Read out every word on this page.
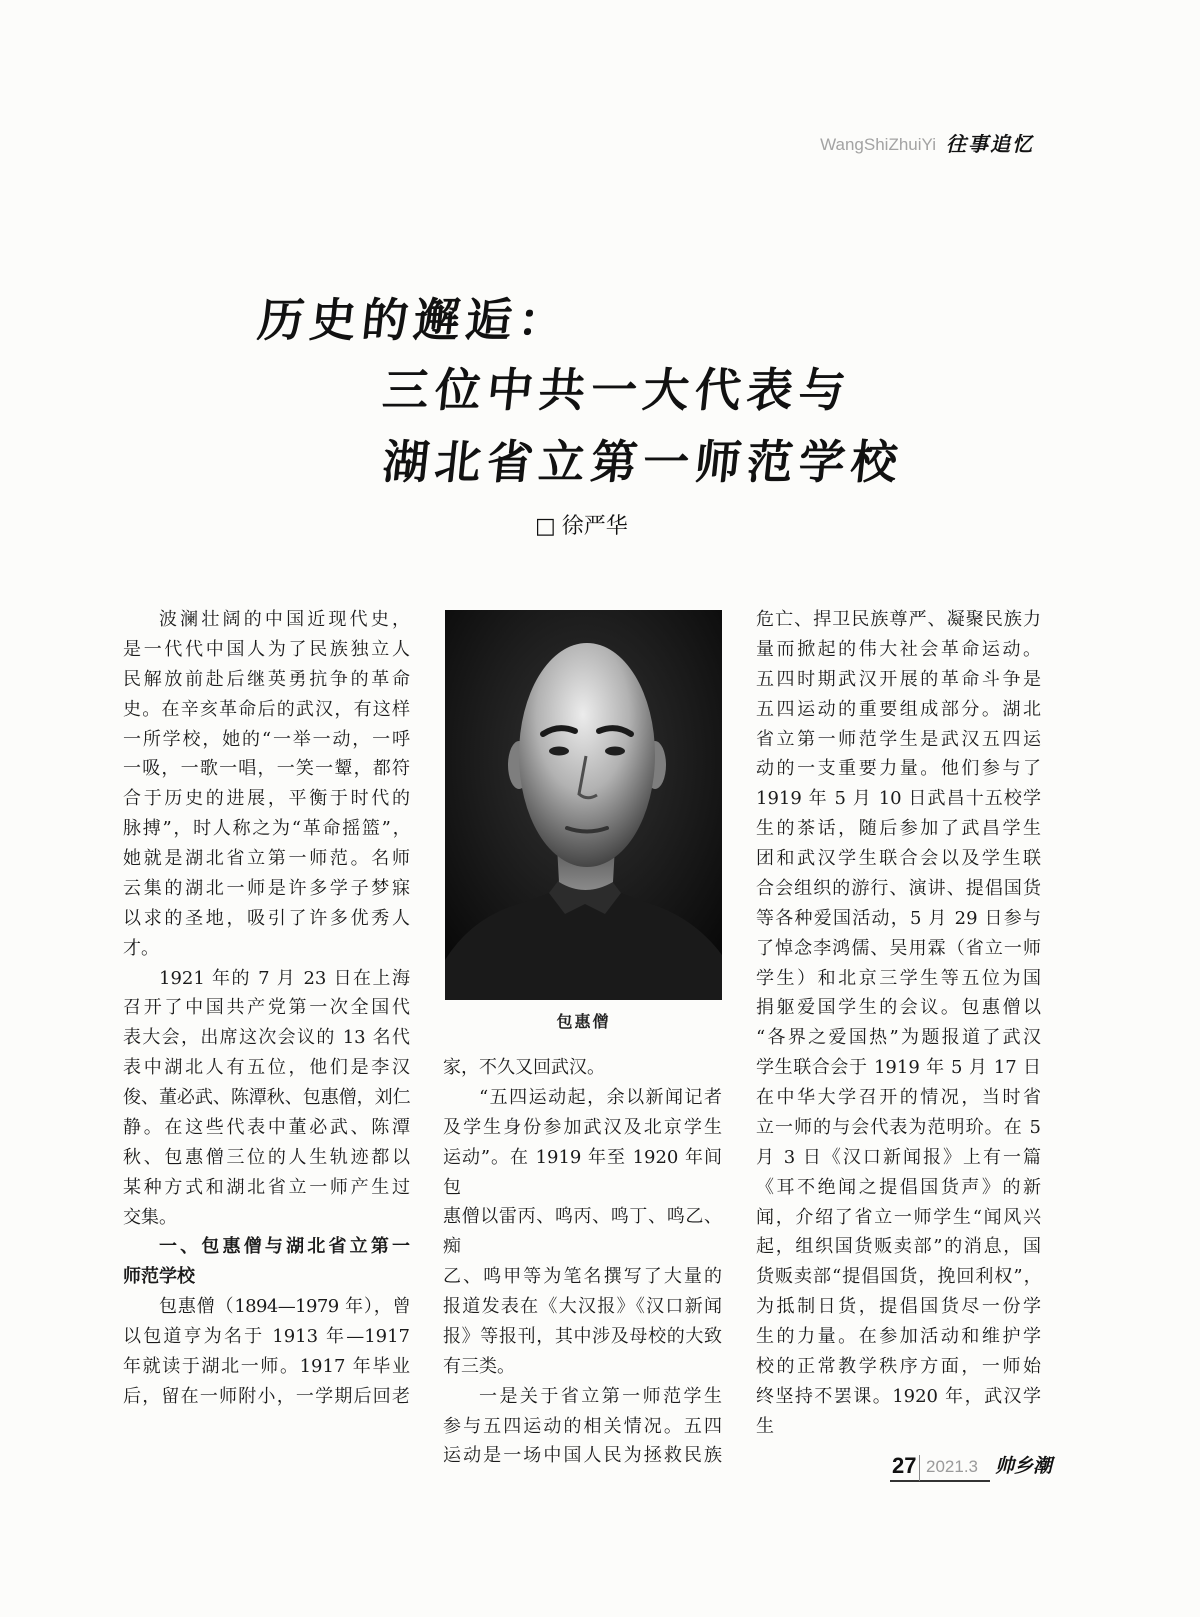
WangShiZhuiYi 往事追忆
历史的邂逅：
三位中共一大代表与
湖北省立第一师范学校
□ 徐严华
包惠僧
波澜壮阔的中国近现代史，
是一代代中国人为了民族独立人
民解放前赴后继英勇抗争的革命
史。在辛亥革命后的武汉，有这样
一所学校，她的“一举一动，一呼
一吸，一歌一唱，一笑一颦，都符
合于历史的进展，平衡于时代的
脉搏”，时人称之为“革命摇篮”，
她就是湖北省立第一师范。名师
云集的湖北一师是许多学子梦寐
以求的圣地，吸引了许多优秀人
才。
1921 年的 7 月 23 日在上海
召开了中国共产党第一次全国代
表大会，出席这次会议的 13 名代
表中湖北人有五位，他们是李汉
俊、董必武、陈潭秋、包惠僧，刘仁
静。在这些代表中董必武、陈潭
秋、包惠僧三位的人生轨迹都以
某种方式和湖北省立一师产生过
交集。
一、包惠僧与湖北省立第一
师范学校
包惠僧（1894—1979 年），曾
以包道亨为名于 1913 年—1917
年就读于湖北一师。1917 年毕业
后，留在一师附小，一学期后回老
家，不久又回武汉。
“五四运动起，余以新闻记者
及学生身份参加武汉及北京学生
运动”。在 1919 年至 1920 年间包
惠僧以雷丙、鸣丙、鸣丁、鸣乙、痴
乙、鸣甲等为笔名撰写了大量的
报道发表在《大汉报》《汉口新闻
报》等报刊，其中涉及母校的大致
有三类。
一是关于省立第一师范学生
参与五四运动的相关情况。五四
运动是一场中国人民为拯救民族
危亡、捍卫民族尊严、凝聚民族力
量而掀起的伟大社会革命运动。
五四时期武汉开展的革命斗争是
五四运动的重要组成部分。湖北
省立第一师范学生是武汉五四运
动的一支重要力量。他们参与了
1919 年 5 月 10 日武昌十五校学
生的茶话，随后参加了武昌学生
团和武汉学生联合会以及学生联
合会组织的游行、演讲、提倡国货
等各种爱国活动，5 月 29 日参与
了悼念李鸿儒、吴用霖（省立一师
学生）和北京三学生等五位为国
捐躯爱国学生的会议。包惠僧以
“各界之爱国热”为题报道了武汉
学生联合会于 1919 年 5 月 17 日
在中华大学召开的情况，当时省
立一师的与会代表为范明玠。在 5
月 3 日《汉口新闻报》上有一篇
《耳不绝闻之提倡国货声》的新
闻，介绍了省立一师学生“闻风兴
起，组织国货贩卖部”的消息，国
货贩卖部“提倡国货，挽回利权”，
为抵制日货，提倡国货尽一份学
生的力量。在参加活动和维护学
校的正常教学秩序方面，一师始
终坚持不罢课。1920 年，武汉学生
27 2021.3 帅乡潮
